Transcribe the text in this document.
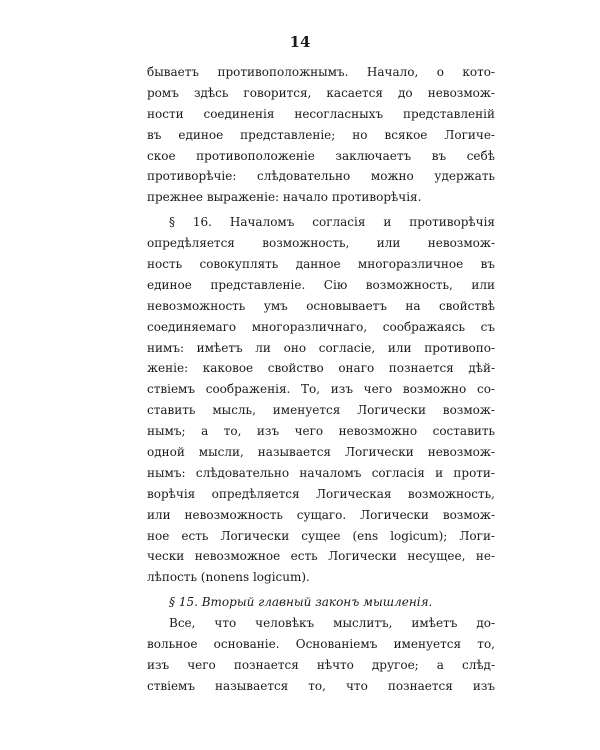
14
бываетъ противоположнымъ. Начало, о кото-
ромъ здѣсь говорится, касается до невозмож-
ности соединенія несогласныхъ представленій
въ единое представленіе; но всякое Логиче-
ское противоположеніе заключаетъ въ себѣ
противорѣчіе: слѣдовательно можно удержать
прежнее выраженіе: начало противорѣчія.
§ 16. Началомъ согласія и противорѣчія
опредѣляется возможность, или невозмож-
ность совокуплять данное многоразличное въ
единое представленіе. Сію возможность, или
невозможность умъ основываетъ на свойствѣ
соединяемаго многоразличнаго, соображаясь съ
нимъ: имѣетъ ли оно согласіе, или противопо-
женіе: каковое свойство онаго познается дѣй-
ствіемъ соображенія. То, изъ чего возможно со-
ставить мысль, именуется Логически возмож-
нымъ; а то, изъ чего невозможно составить
одной мысли, называется Логически невозмож-
нымъ: слѣдовательно началомъ согласія и проти-
ворѣчія опредѣляется Логическая возможность,
или невозможность сущаго. Логически возмож-
ное есть Логически сущее (ens logicum); Логи-
чески невозможное есть Логически несущее, не-
лѣпость (nonens logicum).
§ 15. Вторый главный законъ мышленія.
Все, что человѣкъ мыслитъ, имѣетъ до-
вольное основаніе. Основаніемъ именуется то,
изъ чего познается нѣчто другое; а слѣд-
ствіемъ называется то, что познается изъ
